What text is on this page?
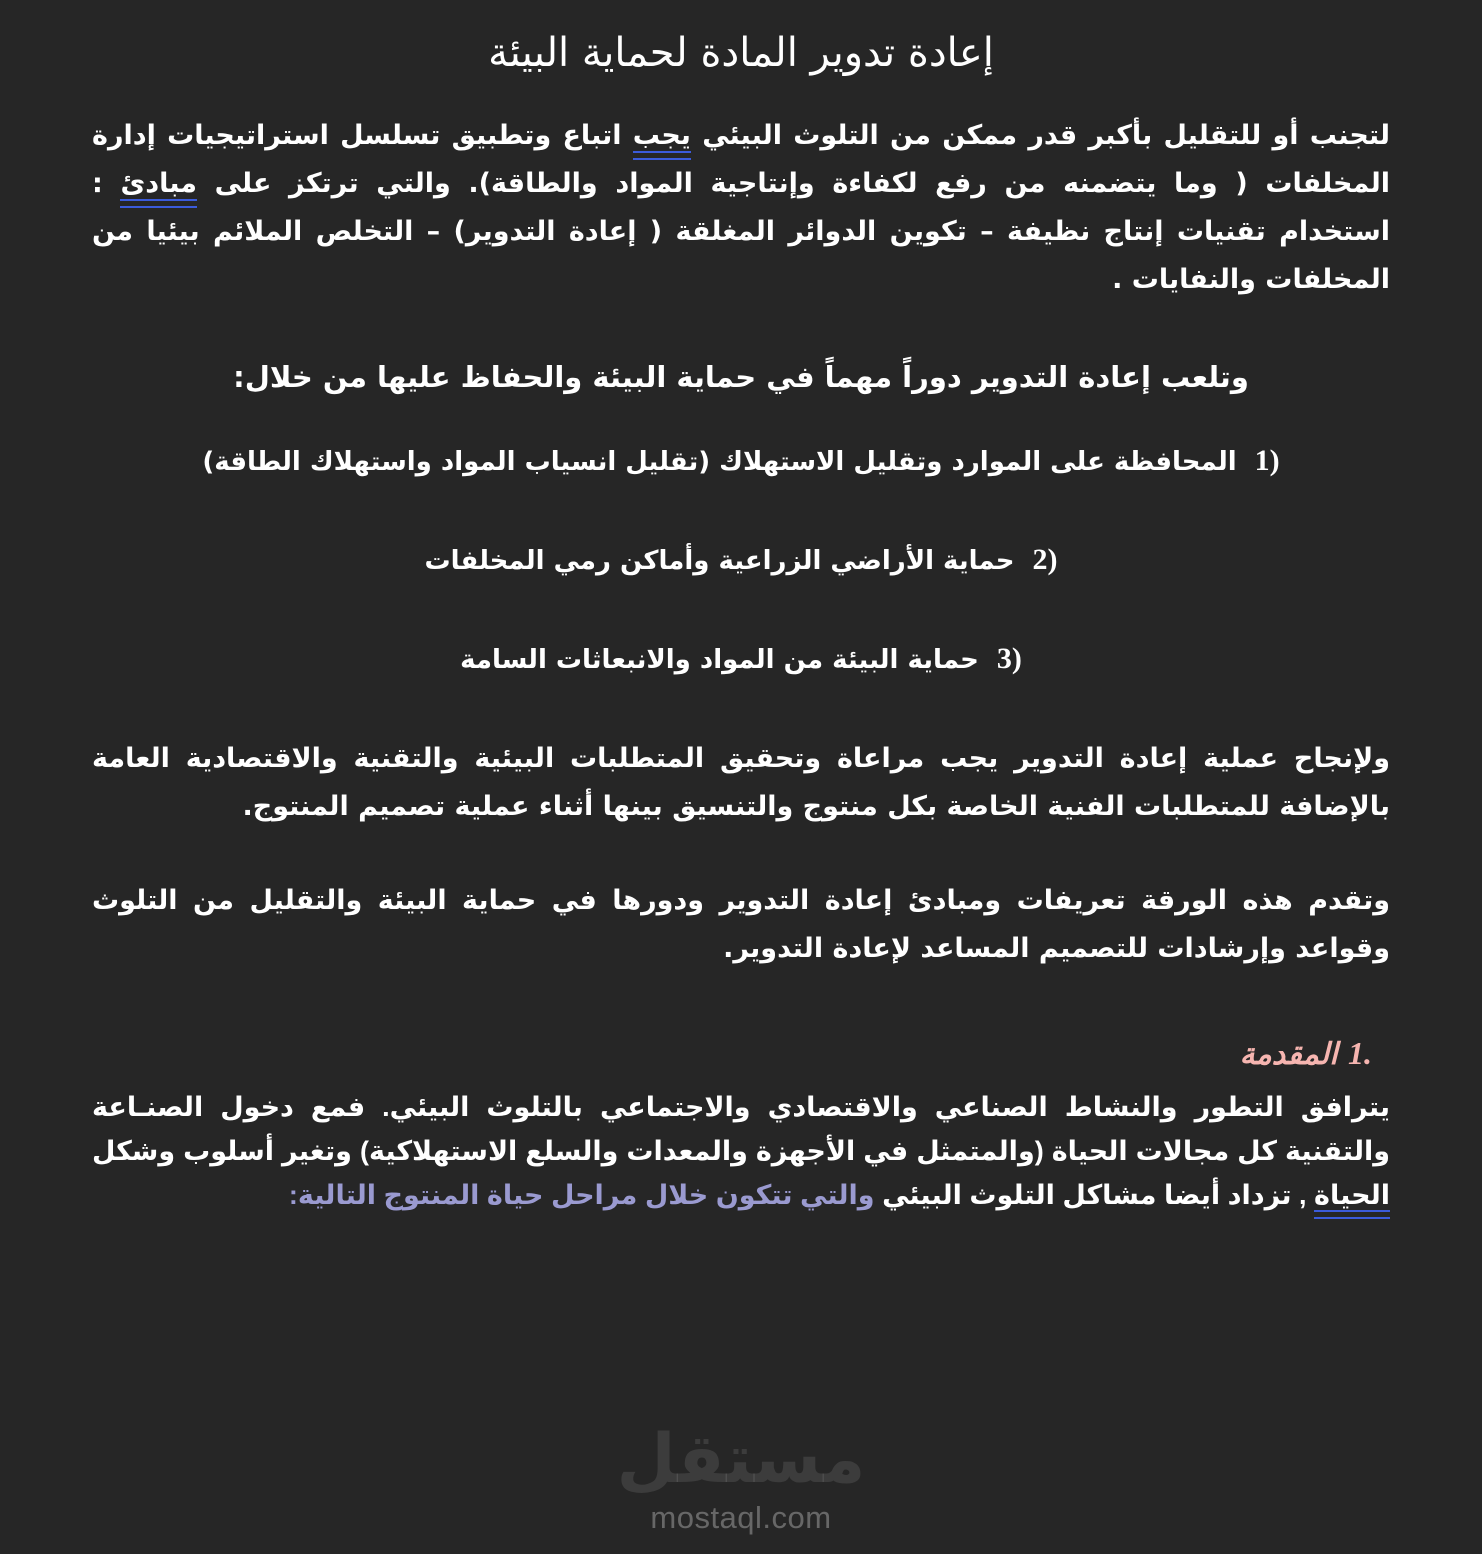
إعادة تدوير المادة لحماية البيئة

لتجنب أو للتقليل بأكبر قدر ممكن من التلوث البيئي يجب اتباع وتطبيق تسلسل استراتيجيات إدارة المخلفات ( وما يتضمنه من رفع لكفاءة وإنتاجية المواد والطاقة). والتي ترتكز على مبادئ : استخدام تقنيات إنتاج نظيفة – تكوين الدوائر المغلقة ( إعادة التدوير) – التخلص الملائم بيئيا من المخلفات والنفايات .

وتلعب إعادة التدوير دوراً مهماً في حماية البيئة والحفاظ عليها من خلال:

1)
المحافظة على الموارد وتقليل الاستهلاك (تقليل انسياب المواد واستهلاك الطاقة)
2)
حماية الأراضي الزراعية وأماكن رمي المخلفات
3)
حماية البيئة من المواد والانبعاثات السامة

ولإنجاح عملية إعادة التدوير يجب مراعاة وتحقيق المتطلبات البيئية والتقنية والاقتصادية العامة بالإضافة للمتطلبات الفنية الخاصة بكل منتوج والتنسيق بينها أثناء عملية تصميم المنتوج.

وتقدم هذه الورقة تعريفات ومبادئ إعادة التدوير ودورها في حماية البيئة والتقليل من التلوث وقواعد وإرشادات للتصميم المساعد لإعادة التدوير.

1. المقدمة

يترافق التطور والنشاط الصناعي والاقتصادي والاجتماعي بالتلوث البيئي. فمع دخول الصنـاعة والتقنية كل مجالات الحياة (والمتمثل في الأجهزة والمعدات والسلع الاستهلاكية) وتغير أسلوب وشكل الحياة , تزداد أيضا مشاكل التلوث البيئي والتي تتكون خلال مراحل حياة المنتوج التالية:

مستقل
mostaql.com
